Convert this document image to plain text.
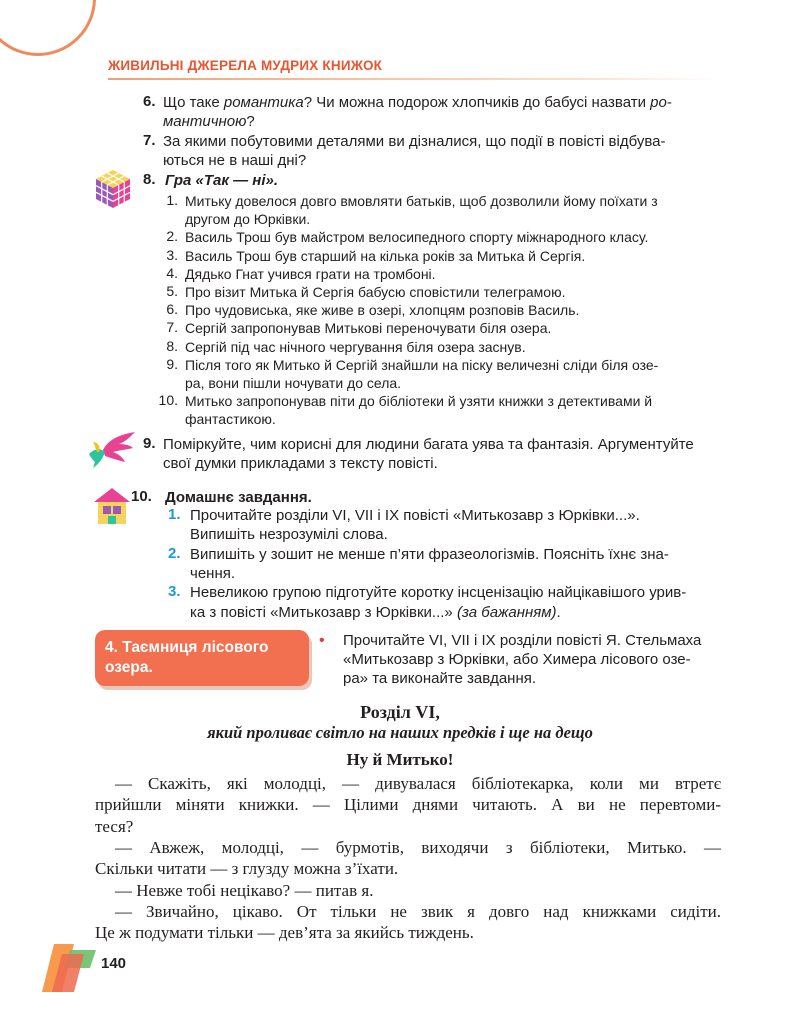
ЖИВИЛЬНІ ДЖЕРЕЛА МУДРИХ КНИЖОК
6. Що таке романтика? Чи можна подорож хлопчиків до бабусі назвати ро-
мантичною?
7. За якими побутовими деталями ви дізналися, що події в повісті відбува-
ються не в наші дні?
8. Гра «Так — ні».
1. Митьку довелося довго вмовляти батьків, щоб дозволили йому поїхати з
другом до Юрківки.
2. Василь Трош був майстром велосипедного спорту міжнародного класу.
3. Василь Трош був старший на кілька років за Митька й Сергія.
4. Дядько Гнат учився грати на тромбоні.
5. Про візит Митька й Сергія бабусю сповістили телеграмою.
6. Про чудовиська, яке живе в озері, хлопцям розповів Василь.
7. Сергій запропонував Митькові переночувати біля озера.
8. Сергій під час нічного чергування біля озера заснув.
9. Після того як Митько й Сергій знайшли на піску величезні сліди біля озе-
ра, вони пішли ночувати до села.
10. Митько запропонував піти до бібліотеки й узяти книжки з детективами й
фантастикою.
9. Поміркуйте, чим корисні для людини багата уява та фантазія. Аргументуйте
свої думки прикладами з тексту повісті.
10. Домашнє завдання.
1. Прочитайте розділи VI, VII і IX повісті «Митькозавр з Юрківки...».
Випишіть незрозумілі слова.
2. Випишіть у зошит не менше п’яти фразеологізмів. Поясніть їхнє зна-
чення.
3. Невеликою групою підготуйте коротку інсценізацію найцікавішого урив-
ка з повісті «Митькозавр з Юрківки...» (за бажанням).
4. Таємниця лісового
озера.
• Прочитайте VI, VII і IX розділи повісті Я. Стельмаха
«Митькозавр з Юрківки, або Химера лісового озе-
ра» та виконайте завдання.
Розділ VI,
який проливає світло на наших предків і ще на дещо
Ну й Митько!
— Скажіть, які молодці, — дивувалася бібліотекарка, коли ми втретє
прийшли міняти книжки. — Цілими днями читають. А ви не перевтоми-
теся?
— Авжеж, молодці, — бурмотів, виходячи з бібліотеки, Митько. —
Скільки читати — з глузду можна з’їхати.
— Невже тобі нецікаво? — питав я.
— Звичайно, цікаво. От тільки не звик я довго над книжками сидіти.
Це ж подумати тільки — дев’ята за якийсь тиждень.
140
